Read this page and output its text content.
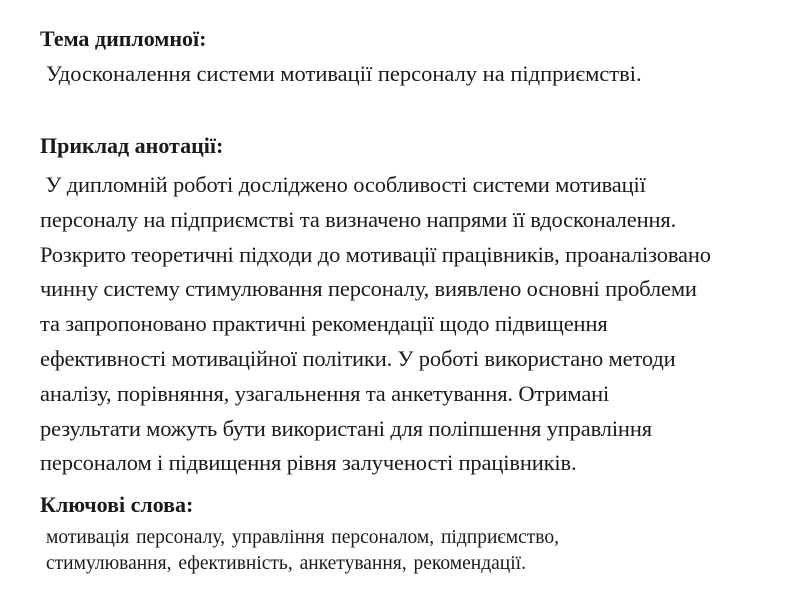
Тема дипломної:
Удосконалення системи мотивації персоналу на підприємстві.
Приклад анотації:
У дипломній роботі досліджено особливості системи мотивації
персоналу на підприємстві та визначено напрями її вдосконалення.
Розкрито теоретичні підходи до мотивації працівників, проаналізовано
чинну систему стимулювання персоналу, виявлено основні проблеми
та запропоновано практичні рекомендації щодо підвищення
ефективності мотиваційної політики. У роботі використано методи
аналізу, порівняння, узагальнення та анкетування. Отримані
результати можуть бути використані для поліпшення управління
персоналом і підвищення рівня залученості працівників.
Ключові слова:
мотивація персоналу, управління персоналом, підприємство,
стимулювання, ефективність, анкетування, рекомендації.
